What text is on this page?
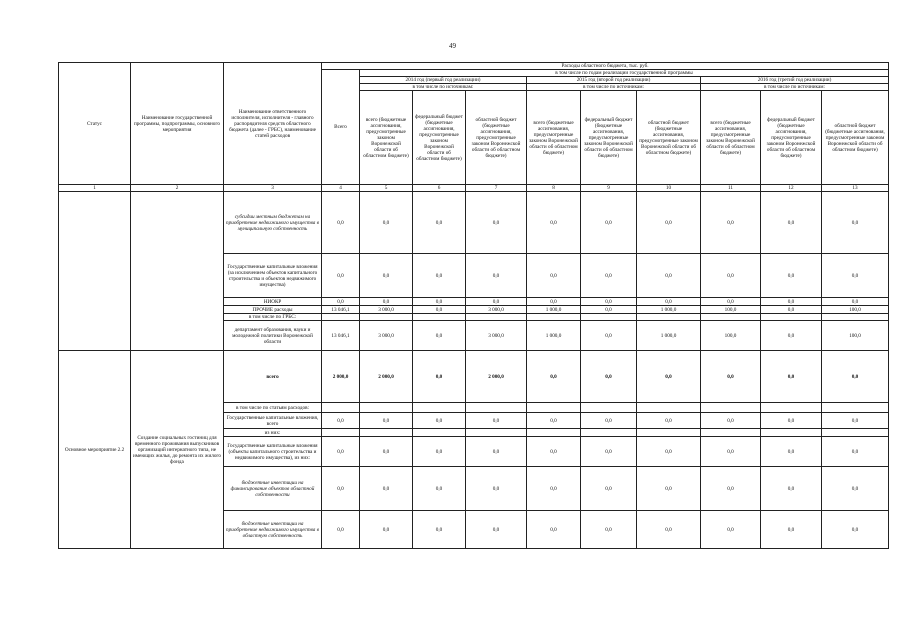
49
Статус	Наименование государственной программы, подпрограммы, основного мероприятия	Наименование ответственного исполнителя, исполнителя - главного распорядителя средств областного бюджета (далее - ГРБС), наименование статей расходов	Расходы областного бюджета, тыс. руб.									
			Всего	в том числе по годам реализации государственной программы								
				2014 год (первый год реализации)			2015 год (второй год реализации)			2016 год (третий год реализации)		
				в том числе по источникам:			в том числе по источникам:			в том числе по источникам:		
				всего (бюджетные ассигнования, предусмотренные законом Воронежской области об областном бюджете)	федеральный бюджет (бюджетные ассигнования, предусмотренные законом Воронежской области об областном бюджете)	областной бюджет (бюджетные ассигнования, предусмотренные законом Воронежской области об областном бюджете)	всего (бюджетные ассигнования, предусмотренные законом Воронежской области об областном бюджете)	федеральный бюджет (бюджетные ассигнования, предусмотренные законом Воронежской области об областном бюджете)	областной бюджет (бюджетные ассигнования, предусмотренные законом Воронежской области об областном бюджете)	всего (бюджетные ассигнования, предусмотренные законом Воронежской области об областном бюджете)	федеральный бюджет (бюджетные ассигнования, предусмотренные законом Воронежской области об областном бюджете)	областной бюджет (бюджетные ассигнования, предусмотренные законом Воронежской области об областном бюджете)
1	2	3	4	5	6	7	8	9	10	11	12	13
		субсидии местным бюджетам на приобретение недвижимого имущества в муниципальную собственность	0,0	0,0	0,0	0,0	0,0	0,0	0,0	0,0	0,0	0,0
		Государственные капитальные вложения (за исключением объектов капитального строительства и объектов недвижимого имущества)	0,0	0,0	0,0	0,0	0,0	0,0	0,0	0,0	0,0	0,0
		НИОКР	0,0	0,0	0,0	0,0	0,0	0,0	0,0	0,0	0,0	0,0
		ПРОЧИЕ расходы	13 046,1	3 000,0	0,0	3 000,0	1 000,0	0,0	1 000,0	100,0	0,0	100,0
		в том числе по ГРБС:										
		департамент образования, науки и молодежной политики Воронежской области	13 046,1	3 000,0	0,0	3 000,0	1 000,0	0,0	1 000,0	100,0	0,0	100,0
Основное мероприятие 2.2	Создание социальных гостиниц для временного проживания выпускников организаций интернатного типа, не имеющих жилья, до ремонта их жилого фонда	всего	2 000,0	2 000,0	0,0	2 000,0	0,0	0,0	0,0	0,0	0,0	0,0
		в том числе по статьям расходов:										
		Государственные капитальные вложения, всего	0,0	0,0	0,0	0,0	0,0	0,0	0,0	0,0	0,0	0,0
		из них:										
		Государственные капитальные вложения (объекты капитального строительства и недвижимого имущества), из них:	0,0	0,0	0,0	0,0	0,0	0,0	0,0	0,0	0,0	0,0
		бюджетные инвестиции на финансирование объектов областной собственности	0,0	0,0	0,0	0,0	0,0	0,0	0,0	0,0	0,0	0,0
		бюджетные инвестиции на приобретение недвижимого имущества в областную собственность	0,0	0,0	0,0	0,0	0,0	0,0	0,0	0,0	0,0	0,0
